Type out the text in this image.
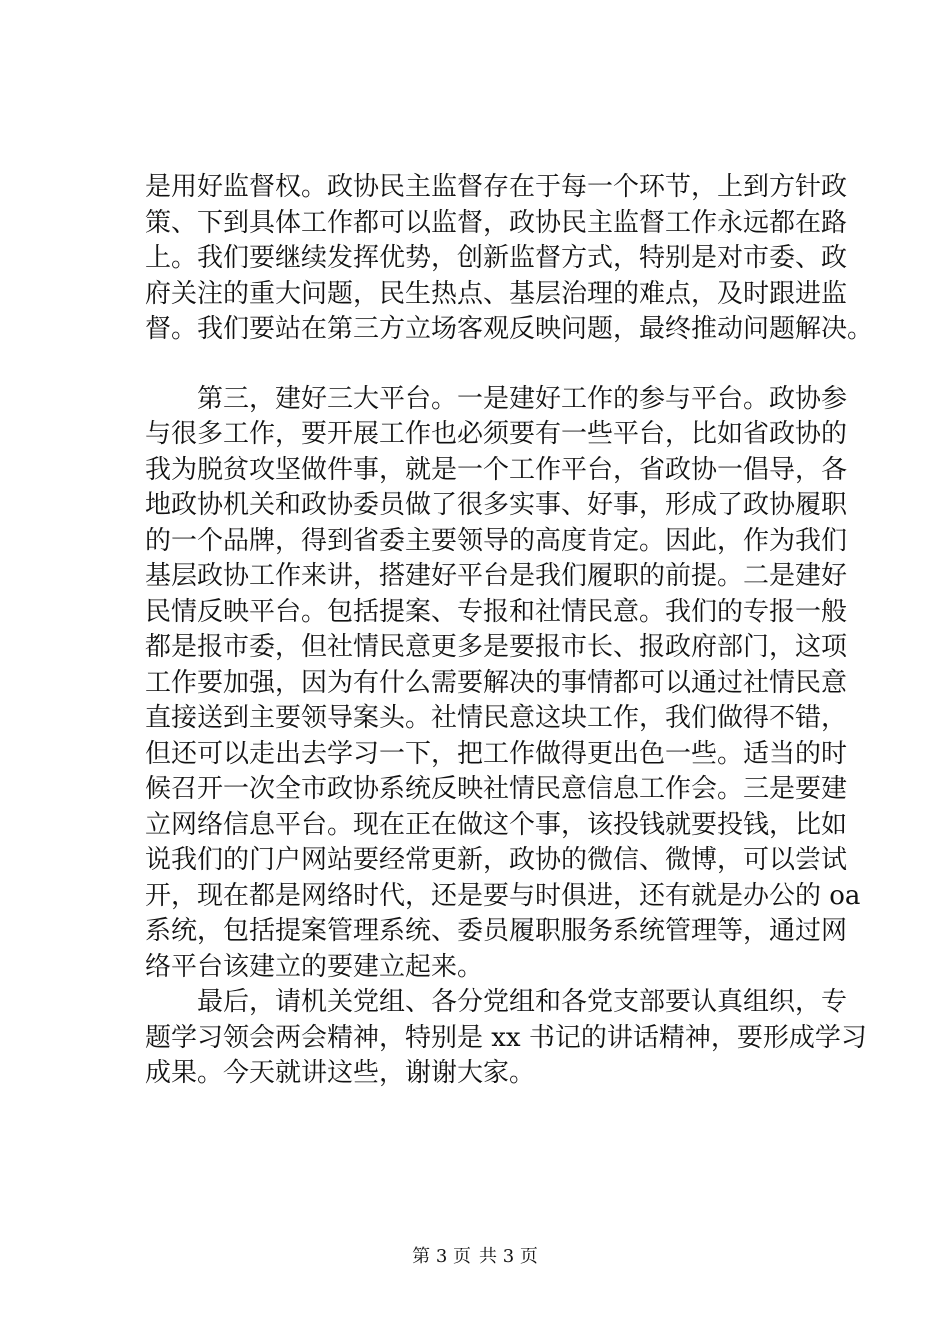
是用好监督权。政协民主监督存在于每一个环节，上到方针政
策、下到具体工作都可以监督，政协民主监督工作永远都在路
上。我们要继续发挥优势，创新监督方式，特别是对市委、政
府关注的重大问题，民生热点、基层治理的难点，及时跟进监
督。我们要站在第三方立场客观反映问题，最终推动问题解决。
　　第三，建好三大平台。一是建好工作的参与平台。政协参
与很多工作，要开展工作也必须要有一些平台，比如省政协的
我为脱贫攻坚做件事，就是一个工作平台，省政协一倡导，各
地政协机关和政协委员做了很多实事、好事，形成了政协履职
的一个品牌，得到省委主要领导的高度肯定。因此，作为我们
基层政协工作来讲，搭建好平台是我们履职的前提。二是建好
民情反映平台。包括提案、专报和社情民意。我们的专报一般
都是报市委，但社情民意更多是要报市长、报政府部门，这项
工作要加强，因为有什么需要解决的事情都可以通过社情民意
直接送到主要领导案头。社情民意这块工作，我们做得不错，
但还可以走出去学习一下，把工作做得更出色一些。适当的时
候召开一次全市政协系统反映社情民意信息工作会。三是要建
立网络信息平台。现在正在做这个事，该投钱就要投钱，比如
说我们的门户网站要经常更新，政协的微信、微博，可以尝试
开，现在都是网络时代，还是要与时俱进，还有就是办公的 oa
系统，包括提案管理系统、委员履职服务系统管理等，通过网
络平台该建立的要建立起来。
　　最后，请机关党组、各分党组和各党支部要认真组织，专
题学习领会两会精神，特别是 xx 书记的讲话精神，要形成学习
成果。今天就讲这些，谢谢大家。
第 3 页 共 3 页
